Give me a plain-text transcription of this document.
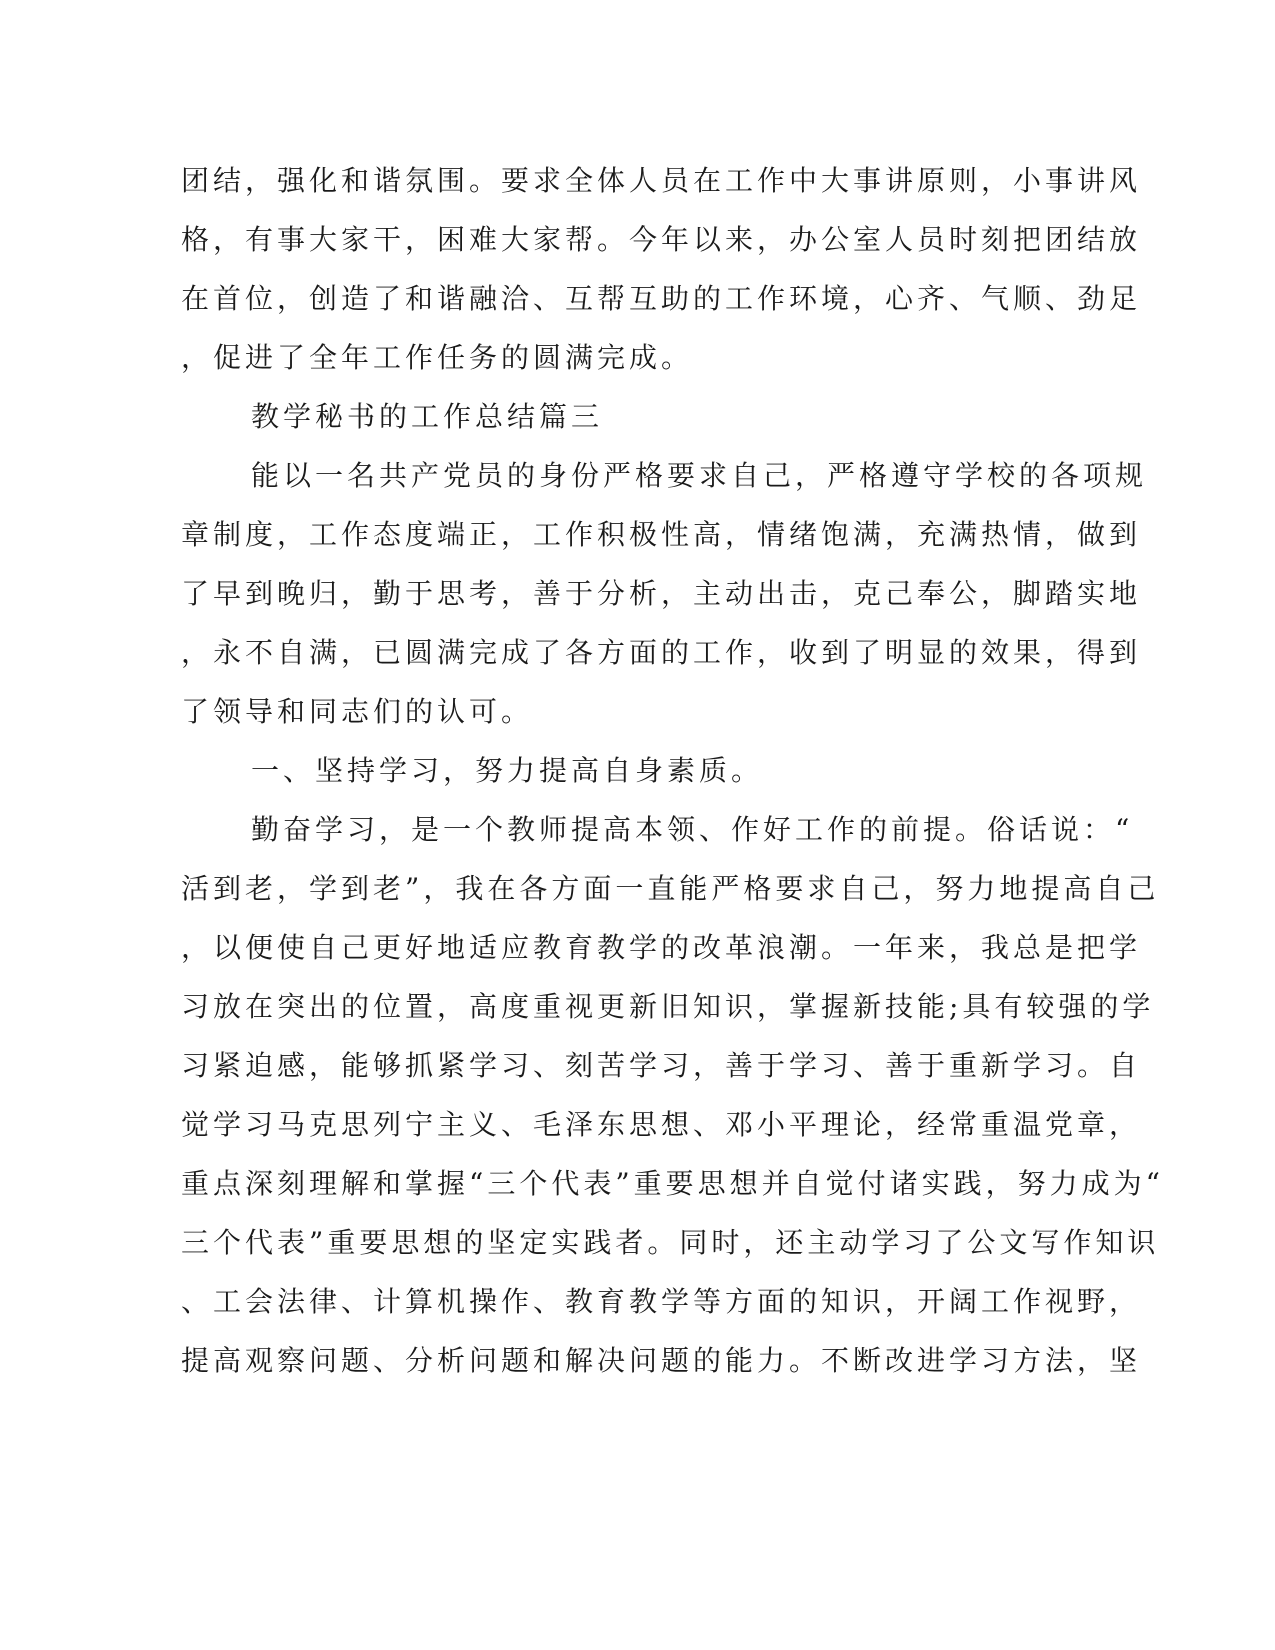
团结，强化和谐氛围。要求全体人员在工作中大事讲原则，小事讲风

格，有事大家干，困难大家帮。今年以来，办公室人员时刻把团结放

在首位，创造了和谐融洽、互帮互助的工作环境，心齐、气顺、劲足

，促进了全年工作任务的圆满完成。

教学秘书的工作总结篇三

能以一名共产党员的身份严格要求自己，严格遵守学校的各项规

章制度，工作态度端正，工作积极性高，情绪饱满，充满热情，做到

了早到晚归，勤于思考，善于分析，主动出击，克己奉公，脚踏实地

，永不自满，已圆满完成了各方面的工作，收到了明显的效果，得到

了领导和同志们的认可。

一、坚持学习，努力提高自身素质。

勤奋学习，是一个教师提高本领、作好工作的前提。俗话说：“

活到老，学到老”，我在各方面一直能严格要求自己，努力地提高自己

，以便使自己更好地适应教育教学的改革浪潮。一年来，我总是把学

习放在突出的位置，高度重视更新旧知识，掌握新技能;具有较强的学

习紧迫感，能够抓紧学习、刻苦学习，善于学习、善于重新学习。自

觉学习马克思列宁主义、毛泽东思想、邓小平理论，经常重温党章，

重点深刻理解和掌握“三个代表”重要思想并自觉付诸实践，努力成为“

三个代表”重要思想的坚定实践者。同时，还主动学习了公文写作知识

、工会法律、计算机操作、教育教学等方面的知识，开阔工作视野，

提高观察问题、分析问题和解决问题的能力。不断改进学习方法，坚
